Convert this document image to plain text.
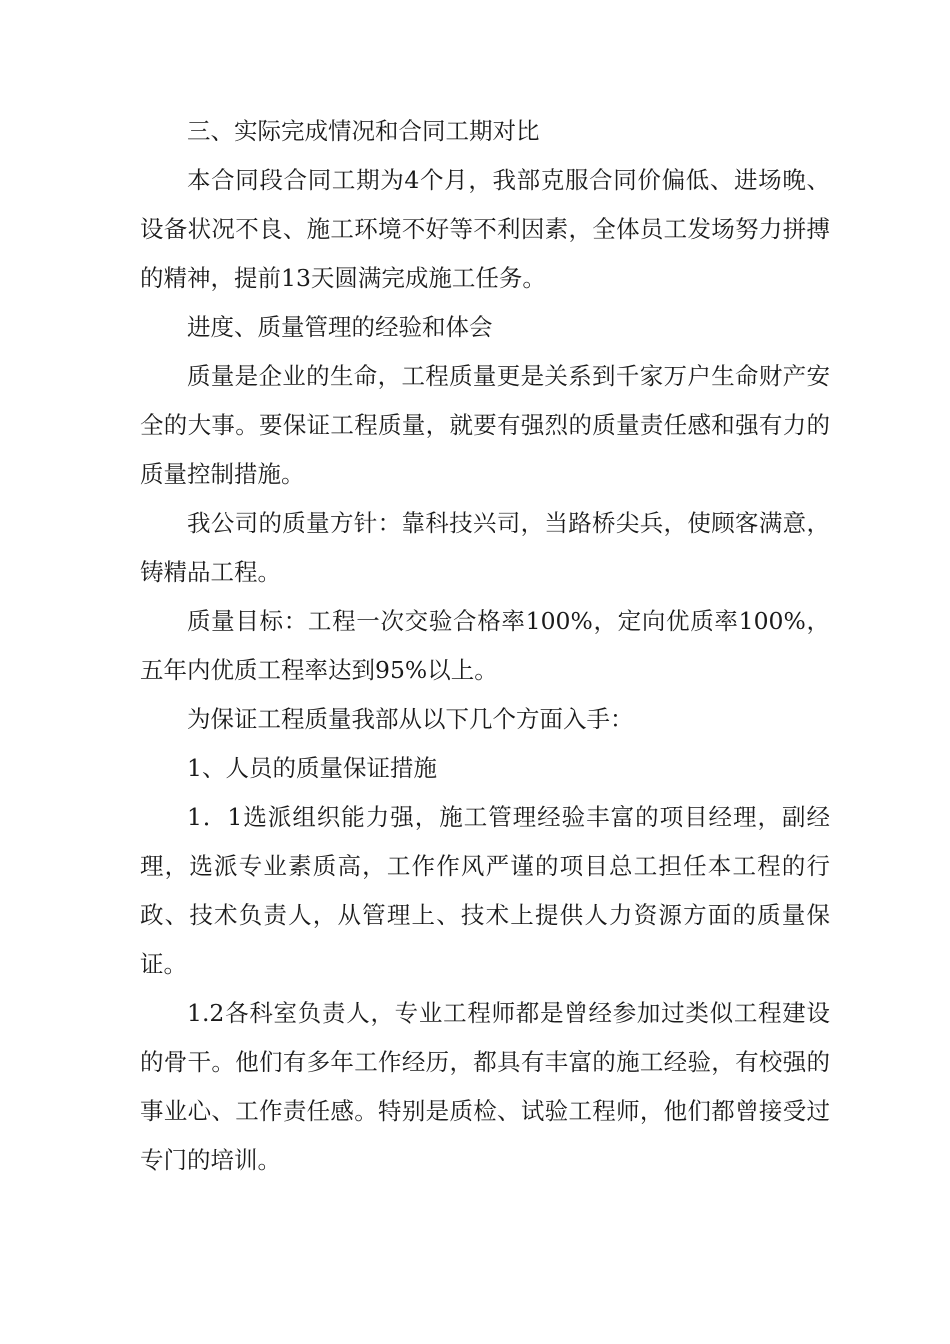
三、实际完成情况和合同工期对比

本合同段合同工期为4个月，我部克服合同价偏低、进场晚、设备状况不良、施工环境不好等不利因素，全体员工发场努力拼搏的精神，提前13天圆满完成施工任务。

进度、质量管理的经验和体会

质量是企业的生命，工程质量更是关系到千家万户生命财产安全的大事。要保证工程质量，就要有强烈的质量责任感和强有力的质量控制措施。

我公司的质量方针：靠科技兴司，当路桥尖兵，使顾客满意，铸精品工程。

质量目标：工程一次交验合格率100%，定向优质率100%，五年内优质工程率达到95%以上。

为保证工程质量我部从以下几个方面入手：

1、人员的质量保证措施

1．1选派组织能力强，施工管理经验丰富的项目经理，副经理，选派专业素质高，工作作风严谨的项目总工担任本工程的行政、技术负责人，从管理上、技术上提供人力资源方面的质量保证。

1.2各科室负责人，专业工程师都是曾经参加过类似工程建设的骨干。他们有多年工作经历，都具有丰富的施工经验，有校强的事业心、工作责任感。特别是质检、试验工程师，他们都曾接受过专门的培训。
